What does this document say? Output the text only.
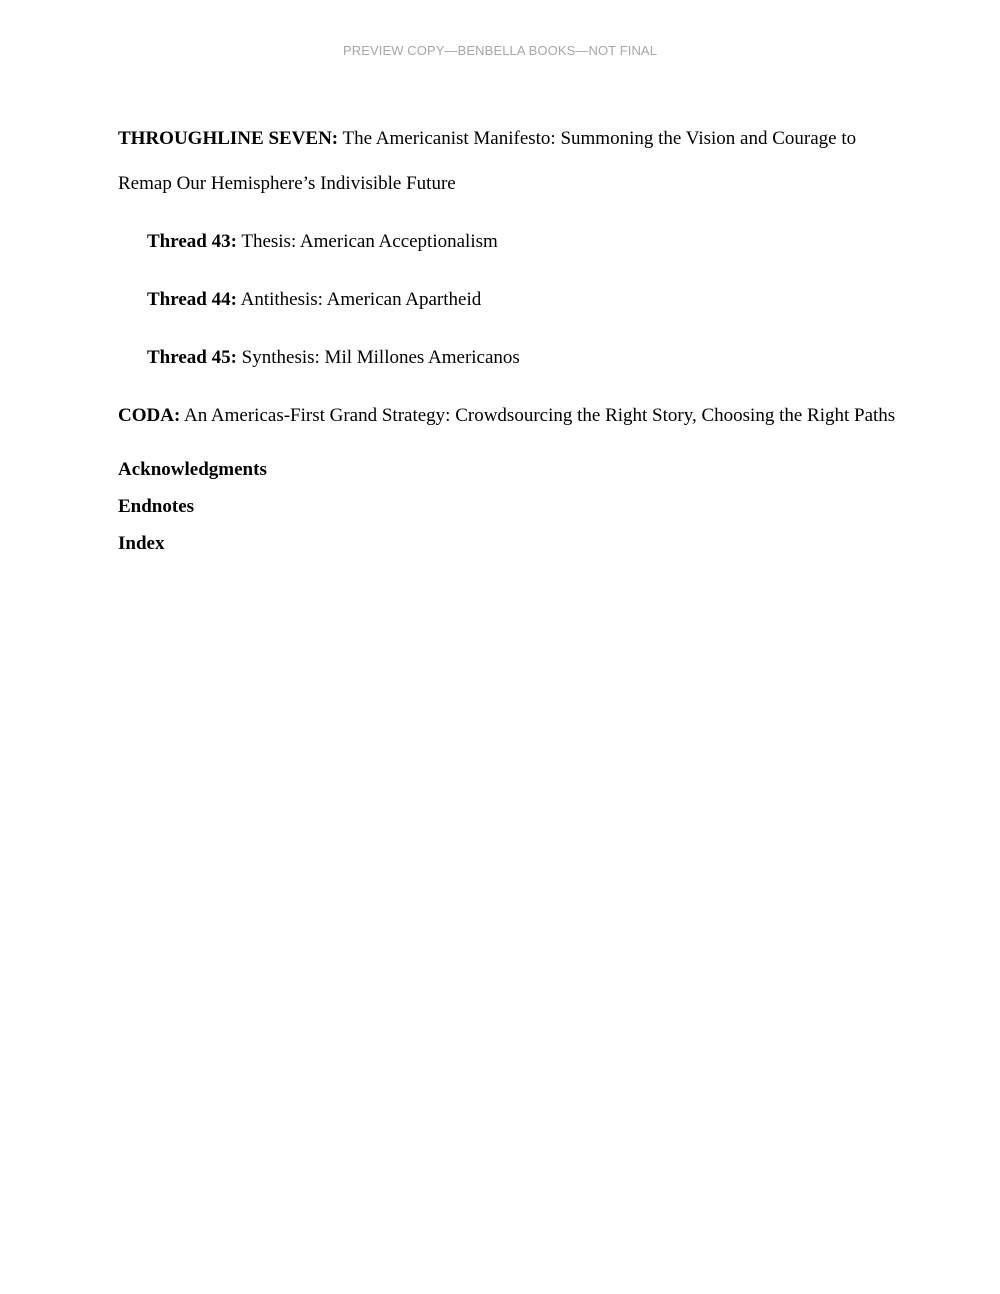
PREVIEW COPY—BENBELLA BOOKS—NOT FINAL

THROUGHLINE SEVEN: The Americanist Manifesto: Summoning the Vision and Courage to Remap Our Hemisphere’s Indivisible Future

Thread 43: Thesis: American Acceptionalism

Thread 44: Antithesis: American Apartheid

Thread 45: Synthesis: Mil Millones Americanos

CODA: An Americas-First Grand Strategy: Crowdsourcing the Right Story, Choosing the Right Paths

Acknowledgments

Endnotes

Index
